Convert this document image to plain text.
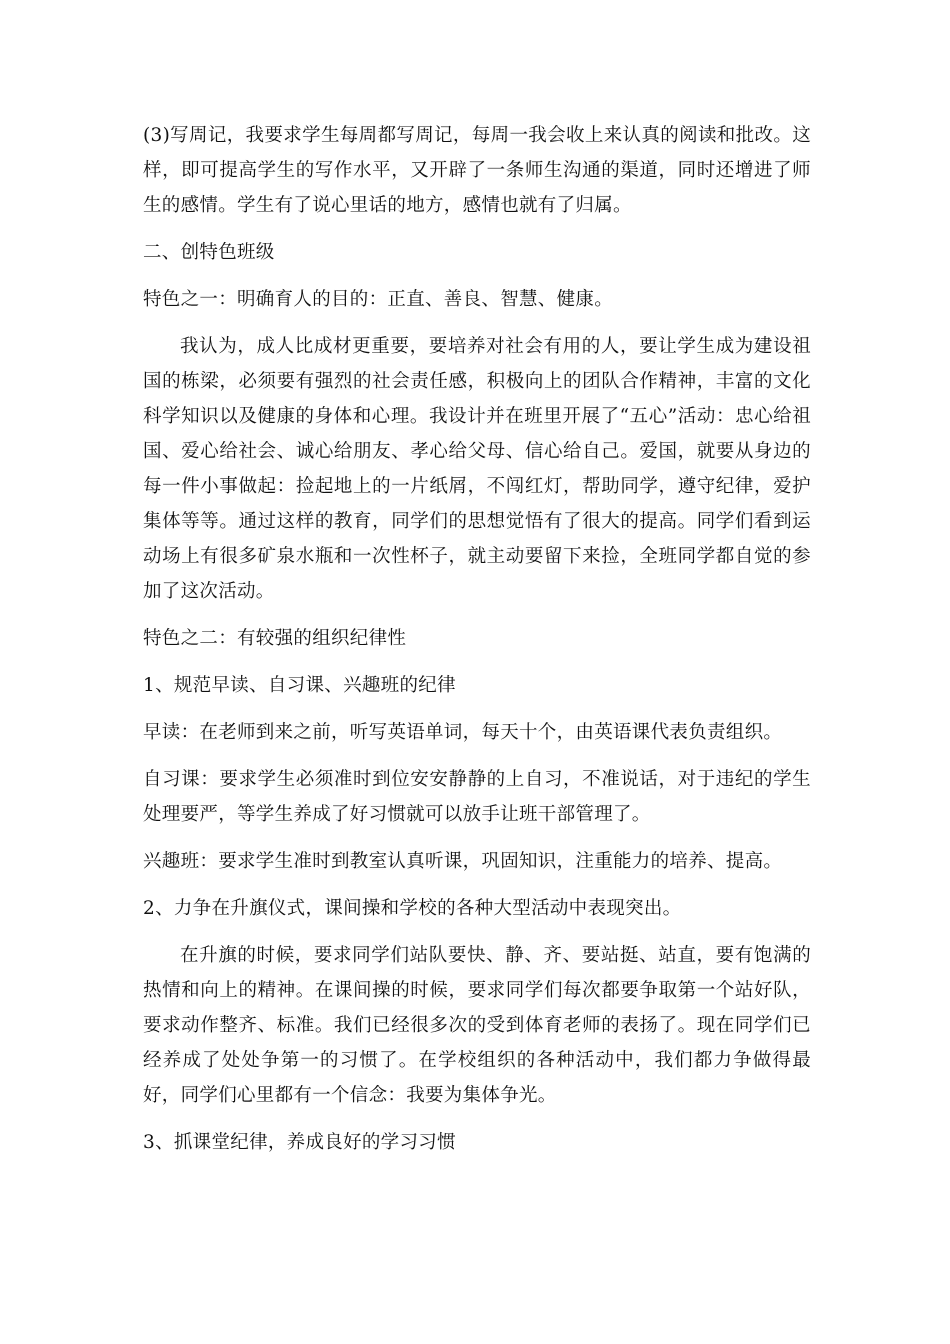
(3)写周记，我要求学生每周都写周记，每周一我会收上来认真的阅读和批改。这样，即可提高学生的写作水平，又开辟了一条师生沟通的渠道，同时还增进了师生的感情。学生有了说心里话的地方，感情也就有了归属。

二、创特色班级

特色之一：明确育人的目的：正直、善良、智慧、健康。

我认为，成人比成材更重要，要培养对社会有用的人，要让学生成为建设祖国的栋梁，必须要有强烈的社会责任感，积极向上的团队合作精神，丰富的文化科学知识以及健康的身体和心理。我设计并在班里开展了“五心”活动：忠心给祖国、爱心给社会、诚心给朋友、孝心给父母、信心给自己。爱国，就要从身边的每一件小事做起：捡起地上的一片纸屑，不闯红灯，帮助同学，遵守纪律，爱护集体等等。通过这样的教育，同学们的思想觉悟有了很大的提高。同学们看到运动场上有很多矿泉水瓶和一次性杯子，就主动要留下来捡，全班同学都自觉的参加了这次活动。

特色之二：有较强的组织纪律性

1、规范早读、自习课、兴趣班的纪律

早读：在老师到来之前，听写英语单词，每天十个，由英语课代表负责组织。

自习课：要求学生必须准时到位安安静静的上自习，不准说话，对于违纪的学生处理要严，等学生养成了好习惯就可以放手让班干部管理了。

兴趣班：要求学生准时到教室认真听课，巩固知识，注重能力的培养、提高。

2、力争在升旗仪式，课间操和学校的各种大型活动中表现突出。

在升旗的时候，要求同学们站队要快、静、齐、要站挺、站直，要有饱满的热情和向上的精神。在课间操的时候，要求同学们每次都要争取第一个站好队，要求动作整齐、标准。我们已经很多次的受到体育老师的表扬了。现在同学们已经养成了处处争第一的习惯了。在学校组织的各种活动中，我们都力争做得最好，同学们心里都有一个信念：我要为集体争光。

3、抓课堂纪律，养成良好的学习习惯
